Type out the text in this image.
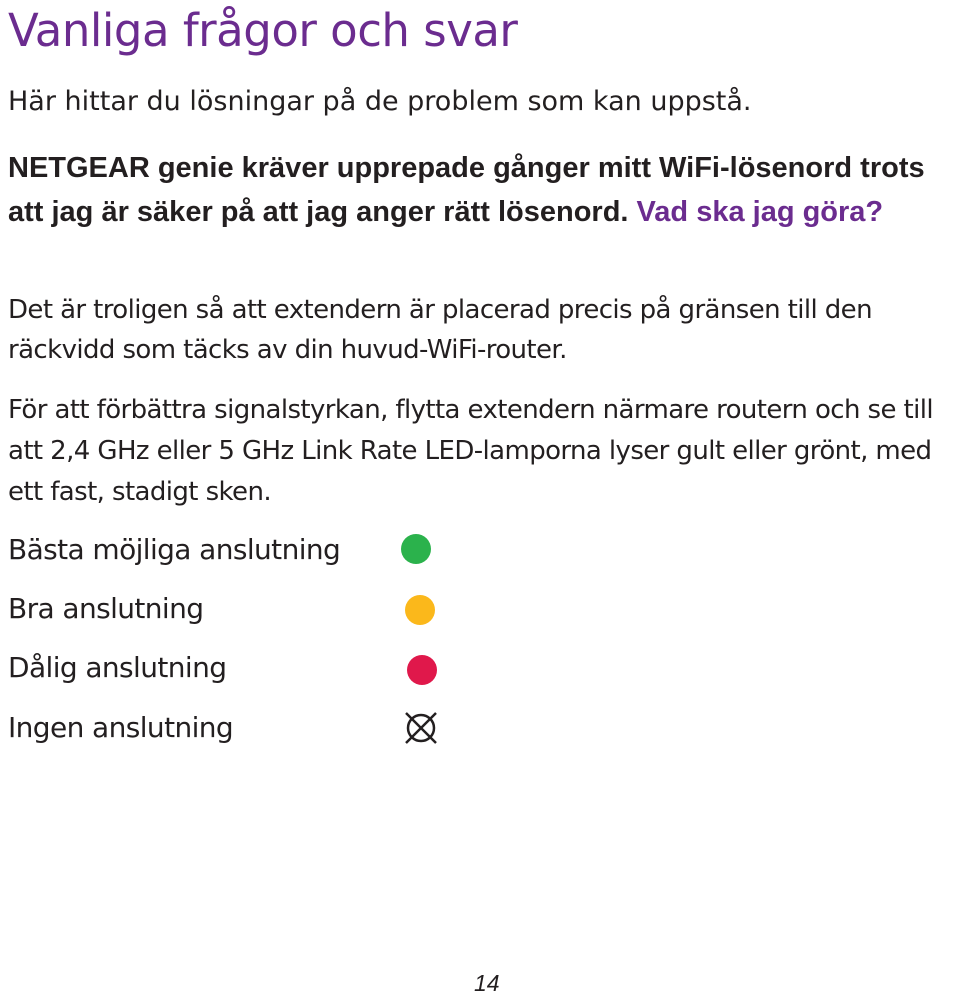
Vanliga frågor och svar

Här hittar du lösningar på de problem som kan uppstå.

NETGEAR genie kräver upprepade gånger mitt WiFi-lösenord trots att jag är säker på att jag anger rätt lösenord. Vad ska jag göra?

Det är troligen så att extendern är placerad precis på gränsen till den räckvidd som täcks av din huvud-WiFi-router.

För att förbättra signalstyrkan, flytta extendern närmare routern och se till att 2,4 GHz eller 5 GHz Link Rate LED-lamporna lyser gult eller grönt, med ett fast, stadigt sken.

Bästa möjliga anslutning
Bra anslutning
Dålig anslutning
Ingen anslutning
14
